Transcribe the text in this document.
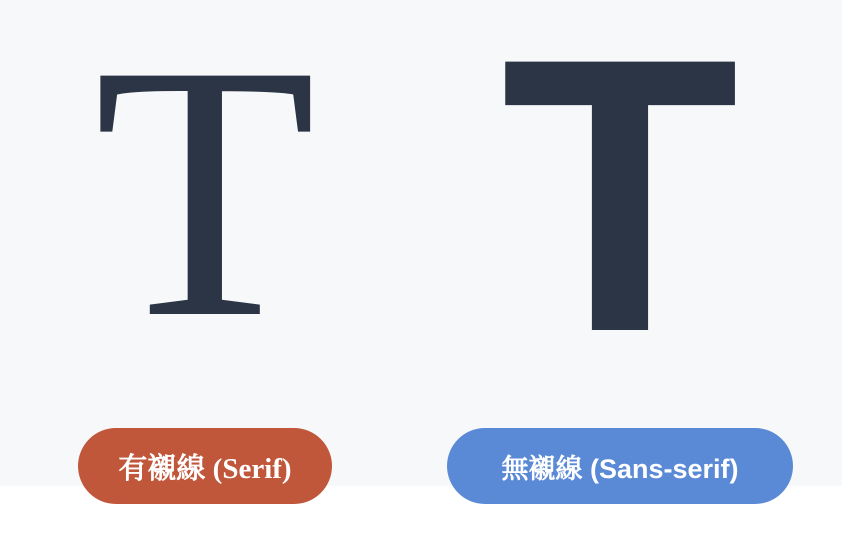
T T
有襯線 (Serif)	無襯線 (Sans-serif)
